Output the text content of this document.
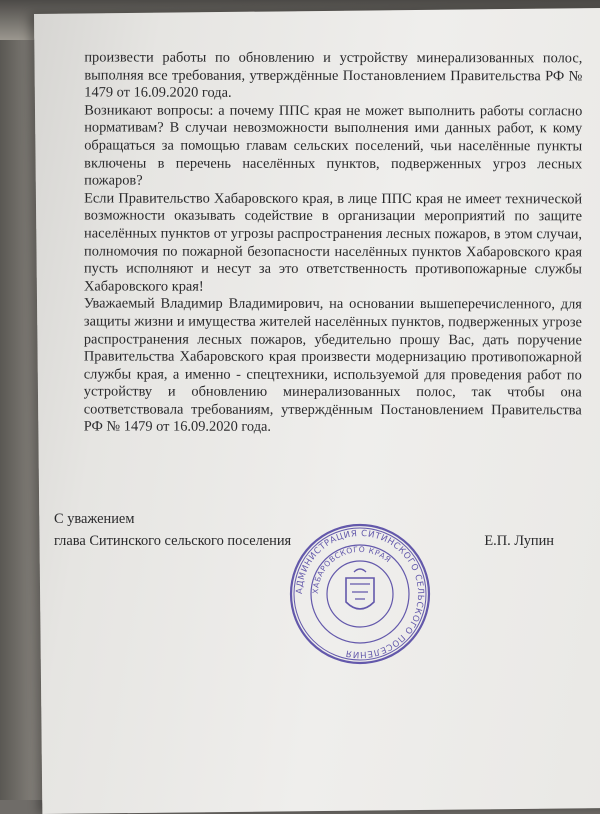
произвести работы по обновлению и устройству минерализованных полос, выполняя все требования, утверждённые Постановлением Правительства РФ № 1479 от 16.09.2020 года.

Возникают вопросы: а почему ППС края не может выполнить работы согласно нормативам? В случаи невозможности выполнения ими данных работ, к кому обращаться за помощью главам сельских поселений, чьи населённые пункты включены в перечень населённых пунктов, подверженных угроз лесных пожаров?

Если Правительство Хабаровского края, в лице ППС края не имеет технической возможности оказывать содействие в организации мероприятий по защите населённых пунктов от угрозы распространения лесных пожаров, в этом случаи, полномочия по пожарной безопасности населённых пунктов Хабаровского края пусть исполняют и несут за это ответственность противопожарные службы Хабаровского края!

Уважаемый Владимир Владимирович, на основании вышеперечисленного, для защиты жизни и имущества жителей населённых пунктов, подверженных угрозе распространения лесных пожаров, убедительно прошу Вас, дать поручение Правительства Хабаровского края произвести модернизацию противопожарной службы края, а именно - спецтехники, используемой для проведения работ по устройству и обновлению минерализованных полос, так чтобы она соответствовала требованиям, утверждённым Постановлением Правительства РФ № 1479 от 16.09.2020 года.

С уважением
глава Ситинского сельского поселения	Е.П. Лупин
АДМИНИСТРАЦИЯ СИТИНСКОГО СЕЛЬСКОГО ПОСЕЛЕНИЯ
ХАБАРОВСКОГО КРАЯ
